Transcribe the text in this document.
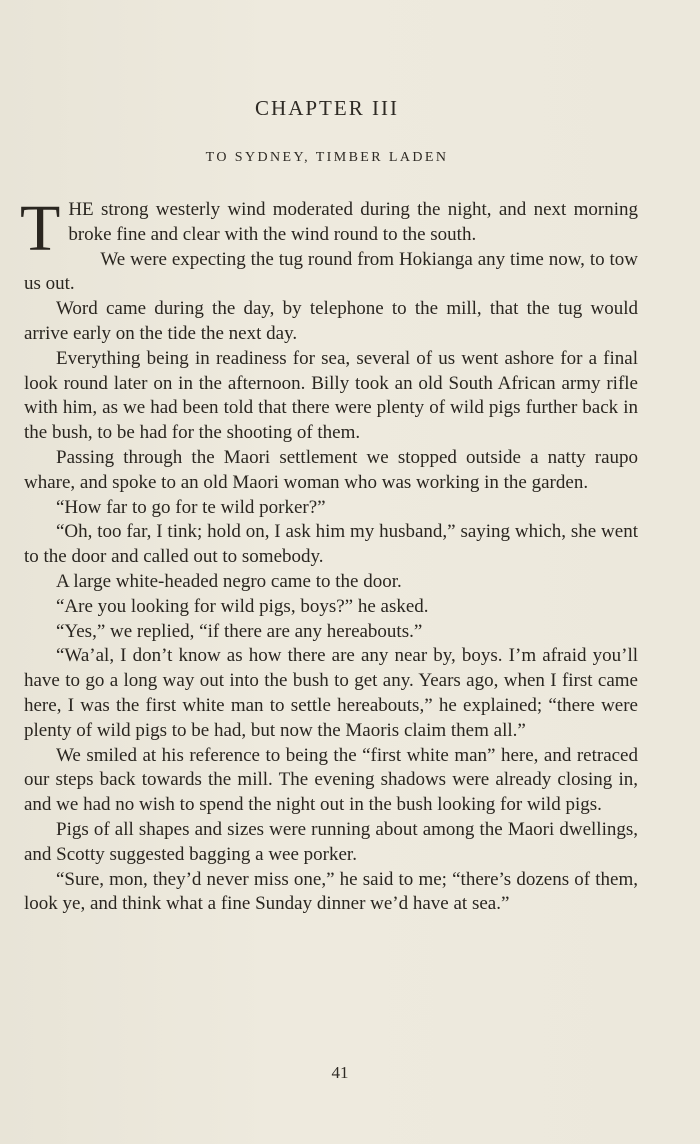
CHAPTER III
TO SYDNEY, TIMBER LADEN

THE strong westerly wind moderated during the night, and next morning broke fine and clear with the wind round to the south.

We were expecting the tug round from Hokianga any time now, to tow us out.

Word came during the day, by telephone to the mill, that the tug would arrive early on the tide the next day.

Everything being in readiness for sea, several of us went ashore for a final look round later on in the afternoon. Billy took an old South African army rifle with him, as we had been told that there were plenty of wild pigs further back in the bush, to be had for the shooting of them.

Passing through the Maori settlement we stopped outside a natty raupo whare, and spoke to an old Maori woman who was working in the garden.

“How far to go for te wild porker?”

“Oh, too far, I tink; hold on, I ask him my husband,” saying which, she went to the door and called out to somebody.

A large white-headed negro came to the door.

“Are you looking for wild pigs, boys?” he asked.

“Yes,” we replied, “if there are any hereabouts.”

“Wa’al, I don’t know as how there are any near by, boys. I’m afraid you’ll have to go a long way out into the bush to get any. Years ago, when I first came here, I was the first white man to settle hereabouts,” he explained; “there were plenty of wild pigs to be had, but now the Maoris claim them all.”

We smiled at his reference to being the “first white man” here, and retraced our steps back towards the mill. The evening shadows were already closing in, and we had no wish to spend the night out in the bush looking for wild pigs.

Pigs of all shapes and sizes were running about among the Maori dwellings, and Scotty suggested bagging a wee porker.

“Sure, mon, they’d never miss one,” he said to me; “there’s dozens of them, look ye, and think what a fine Sunday dinner we’d have at sea.”

41
